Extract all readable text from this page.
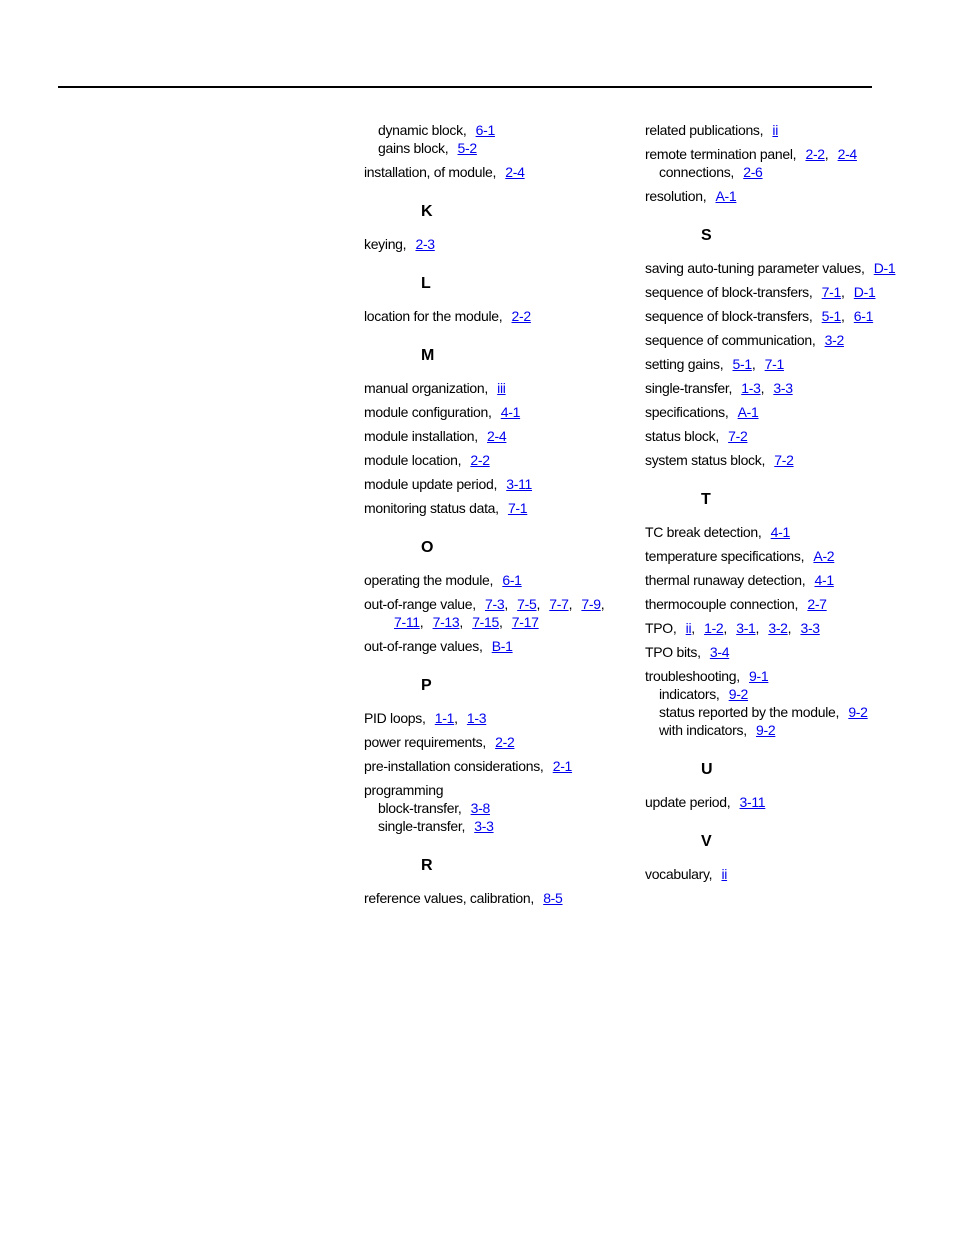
dynamic block,  6-1
gains block,  5-2
installation, of module,  2-4
K
keying,  2-3
L
location for the module,  2-2
M
manual organization,  iii
module configuration,  4-1
module installation,  2-4
module location,  2-2
module update period,  3-11
monitoring status data,  7-1
O
operating the module,  6-1
out-of-range value,  7-3,  7-5,  7-7,  7-9,
7-11,  7-13,  7-15,  7-17
out-of-range values,  B-1
P
PID loops,  1-1,  1-3
power requirements,  2-2
pre-installation considerations,  2-1
programming
block-transfer,  3-8
single-transfer,  3-3
R
reference values, calibration,  8-5
related publications,  ii
remote termination panel,  2-2,  2-4
connections,  2-6
resolution,  A-1
S
saving auto-tuning parameter values,  D-1
sequence of block-transfers,  7-1,  D-1
sequence of block-transfers,  5-1,  6-1
sequence of communication,  3-2
setting gains,  5-1,  7-1
single-transfer,  1-3,  3-3
specifications,  A-1
status block,  7-2
system status block,  7-2
T
TC break detection,  4-1
temperature specifications,  A-2
thermal runaway detection,  4-1
thermocouple connection,  2-7
TPO,  ii,  1-2,  3-1,  3-2,  3-3
TPO bits,  3-4
troubleshooting,  9-1
indicators,  9-2
status reported by the module,  9-2
with indicators,  9-2
U
update period,  3-11
V
vocabulary,  ii
